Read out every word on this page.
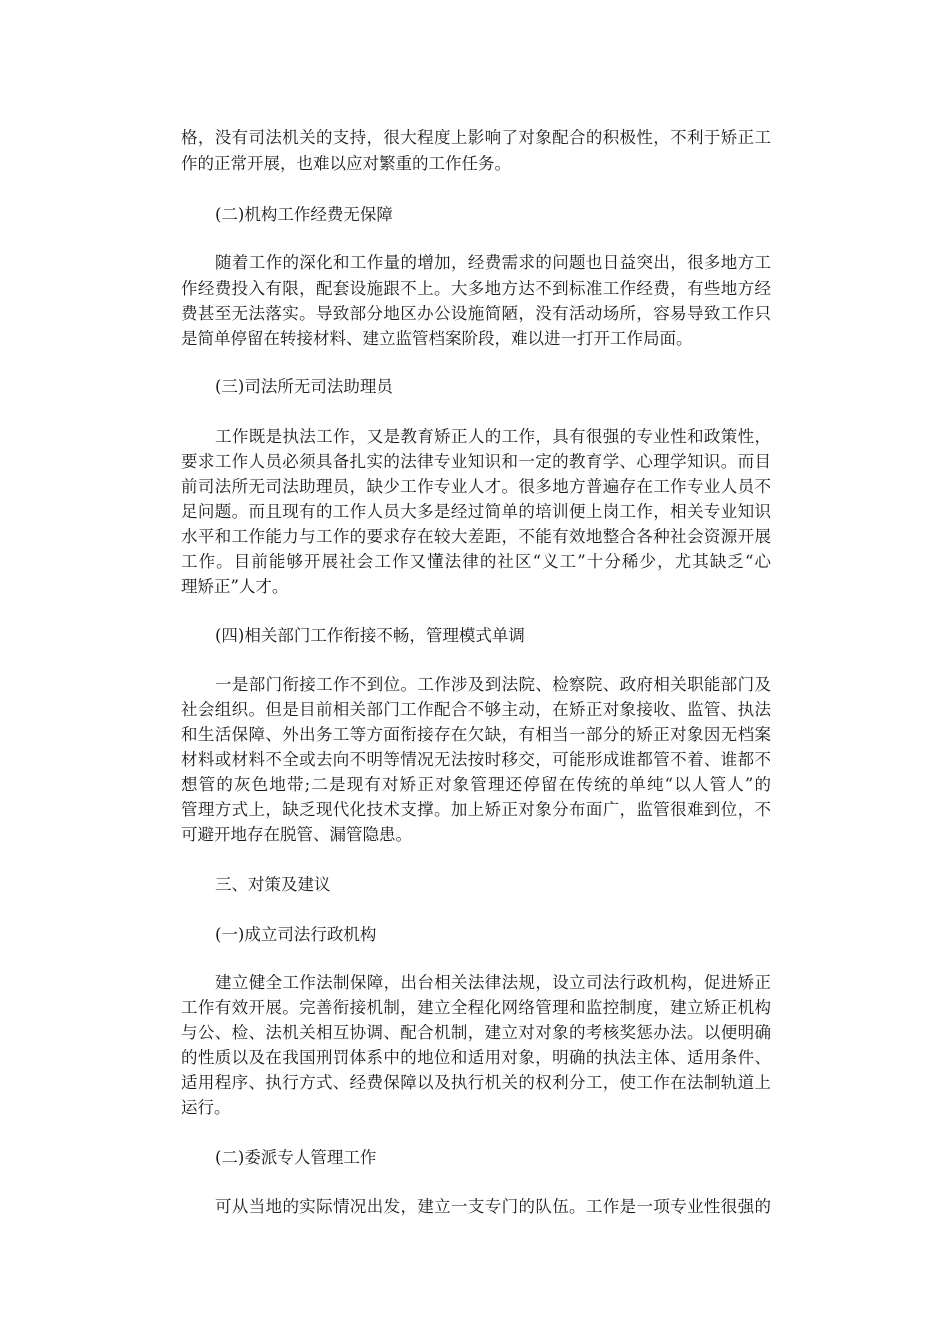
格，没有司法机关的支持，很大程度上影响了对象配合的积极性，不利于矫正工
作的正常开展，也难以应对繁重的工作任务。
(二)机构工作经费无保障
随着工作的深化和工作量的增加，经费需求的问题也日益突出，很多地方工
作经费投入有限，配套设施跟不上。大多地方达不到标准工作经费，有些地方经
费甚至无法落实。导致部分地区办公设施简陋，没有活动场所，容易导致工作只
是简单停留在转接材料、建立监管档案阶段，难以进一打开工作局面。
(三)司法所无司法助理员
工作既是执法工作，又是教育矫正人的工作，具有很强的专业性和政策性，
要求工作人员必须具备扎实的法律专业知识和一定的教育学、心理学知识。而目
前司法所无司法助理员，缺少工作专业人才。很多地方普遍存在工作专业人员不
足问题。而且现有的工作人员大多是经过简单的培训便上岗工作，相关专业知识
水平和工作能力与工作的要求存在较大差距，不能有效地整合各种社会资源开展
工作。目前能够开展社会工作又懂法律的社区“义工”十分稀少，尤其缺乏“心
理矫正”人才。
(四)相关部门工作衔接不畅，管理模式单调
一是部门衔接工作不到位。工作涉及到法院、检察院、政府相关职能部门及
社会组织。但是目前相关部门工作配合不够主动，在矫正对象接收、监管、执法
和生活保障、外出务工等方面衔接存在欠缺，有相当一部分的矫正对象因无档案
材料或材料不全或去向不明等情况无法按时移交，可能形成谁都管不着、谁都不
想管的灰色地带;二是现有对矫正对象管理还停留在传统的单纯“以人管人”的
管理方式上，缺乏现代化技术支撑。加上矫正对象分布面广，监管很难到位，不
可避开地存在脱管、漏管隐患。
三、对策及建议
(一)成立司法行政机构
建立健全工作法制保障，出台相关法律法规，设立司法行政机构，促进矫正
工作有效开展。完善衔接机制，建立全程化网络管理和监控制度，建立矫正机构
与公、检、法机关相互协调、配合机制，建立对对象的考核奖惩办法。以便明确
的性质以及在我国刑罚体系中的地位和适用对象，明确的执法主体、适用条件、
适用程序、执行方式、经费保障以及执行机关的权利分工，使工作在法制轨道上
运行。
(二)委派专人管理工作
可从当地的实际情况出发，建立一支专门的队伍。工作是一项专业性很强的
